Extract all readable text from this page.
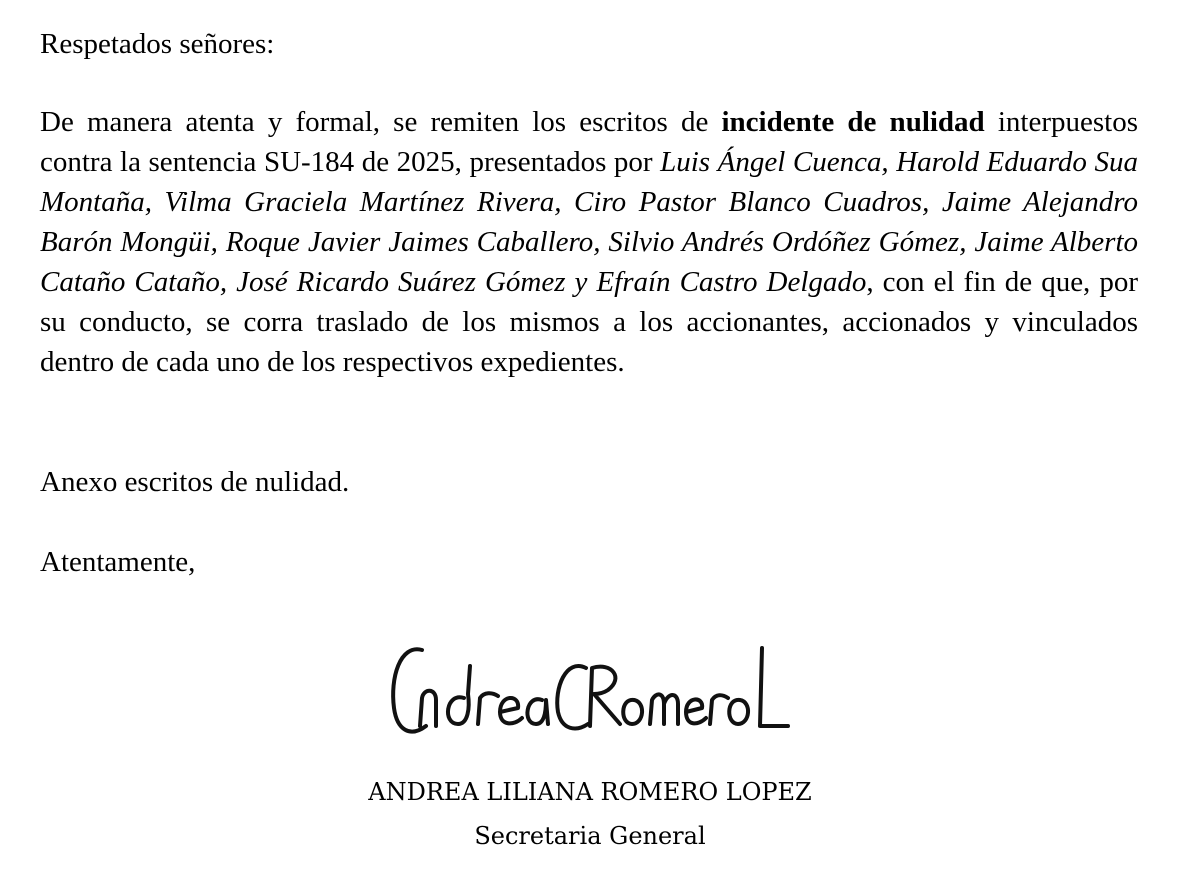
Respetados señores:

De manera atenta y formal, se remiten los escritos de incidente de nulidad interpuestos contra la sentencia SU-184 de 2025, presentados por Luis Ángel Cuenca, Harold Eduardo Sua Montaña, Vilma Graciela Martínez Rivera, Ciro Pastor Blanco Cuadros, Jaime Alejandro Barón Mongüi, Roque Javier Jaimes Caballero, Silvio Andrés Ordóñez Gómez, Jaime Alberto Cataño Cataño, José Ricardo Suárez Gómez y Efraín Castro Delgado, con el fin de que, por su conducto, se corra traslado de los mismos a los accionantes, accionados y vinculados dentro de cada uno de los respectivos expedientes.

Anexo escritos de nulidad.

Atentamente,

ANDREA LILIANA ROMERO LOPEZ

Secretaria General
